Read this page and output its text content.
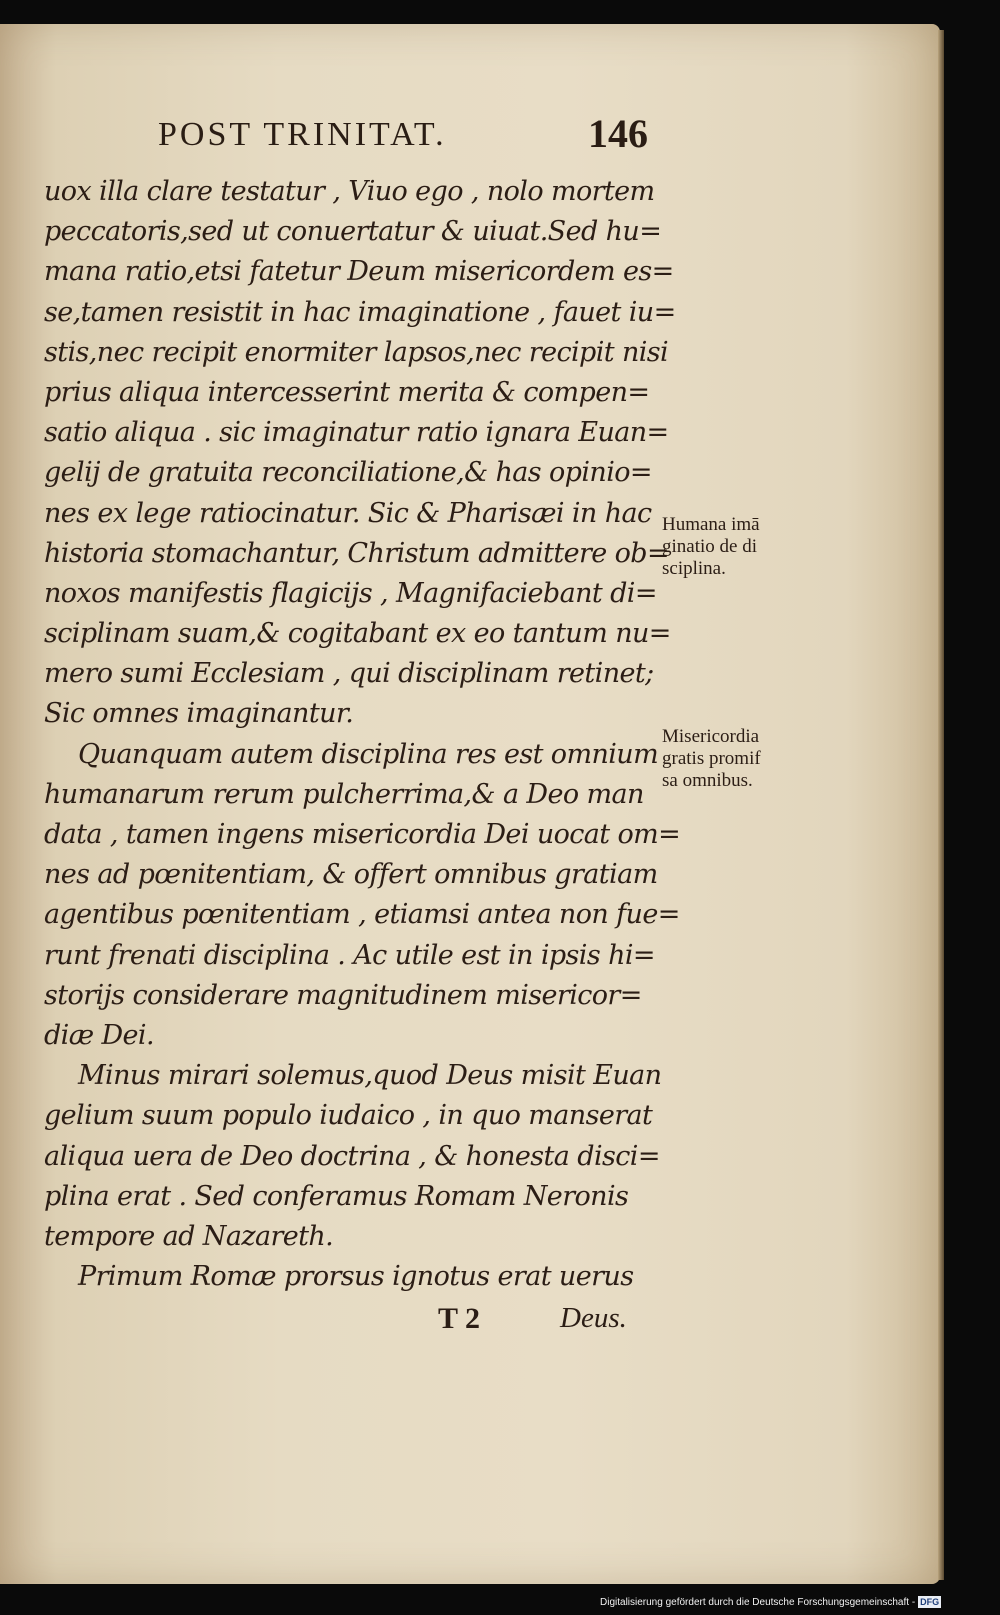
POST TRINITAT.	146
uox illa clare testatur , Viuo ego , nolo mortem
peccatoris,sed ut conuertatur & uiuat.Sed hu=
mana ratio,etsi fatetur Deum misericordem es=
se,tamen resistit in hac imaginatione , fauet iu=
stis,nec recipit enormiter lapsos,nec recipit nisi
prius aliqua intercesserint merita & compen=
satio aliqua . sic imaginatur ratio ignara Euan=
gelij de gratuita reconciliatione,& has opinio=
nes ex lege ratiocinatur. Sic & Pharisæi in hac
historia stomachantur, Christum admittere ob=
noxos manifestis flagicijs , Magnifaciebant di=
sciplinam suam,& cogitabant ex eo tantum nu=
mero sumi Ecclesiam , qui disciplinam retinet;
Sic omnes imaginantur.
Quanquam autem disciplina res est omnium
humanarum rerum pulcherrima,& a Deo man
data , tamen ingens misericordia Dei uocat om=
nes ad pœnitentiam, & offert omnibus gratiam
agentibus pœnitentiam , etiamsi antea non fue=
runt frenati disciplina . Ac utile est in ipsis hi=
storijs considerare magnitudinem misericor=
diæ Dei.
Minus mirari solemus,quod Deus misit Euan
gelium suum populo iudaico , in quo manserat
aliqua uera de Deo doctrina , & honesta disci=
plina erat . Sed conferamus Romam Neronis
tempore ad Nazareth.
Primum Romæ prorsus ignotus erat uerus
Humana imā
ginatio de di
sciplina.
Misericordia
gratis promif
sa omnibus.
T 2	Deus.
Digitalisierung gefördert durch die Deutsche Forschungsgemeinschaft - DFG
